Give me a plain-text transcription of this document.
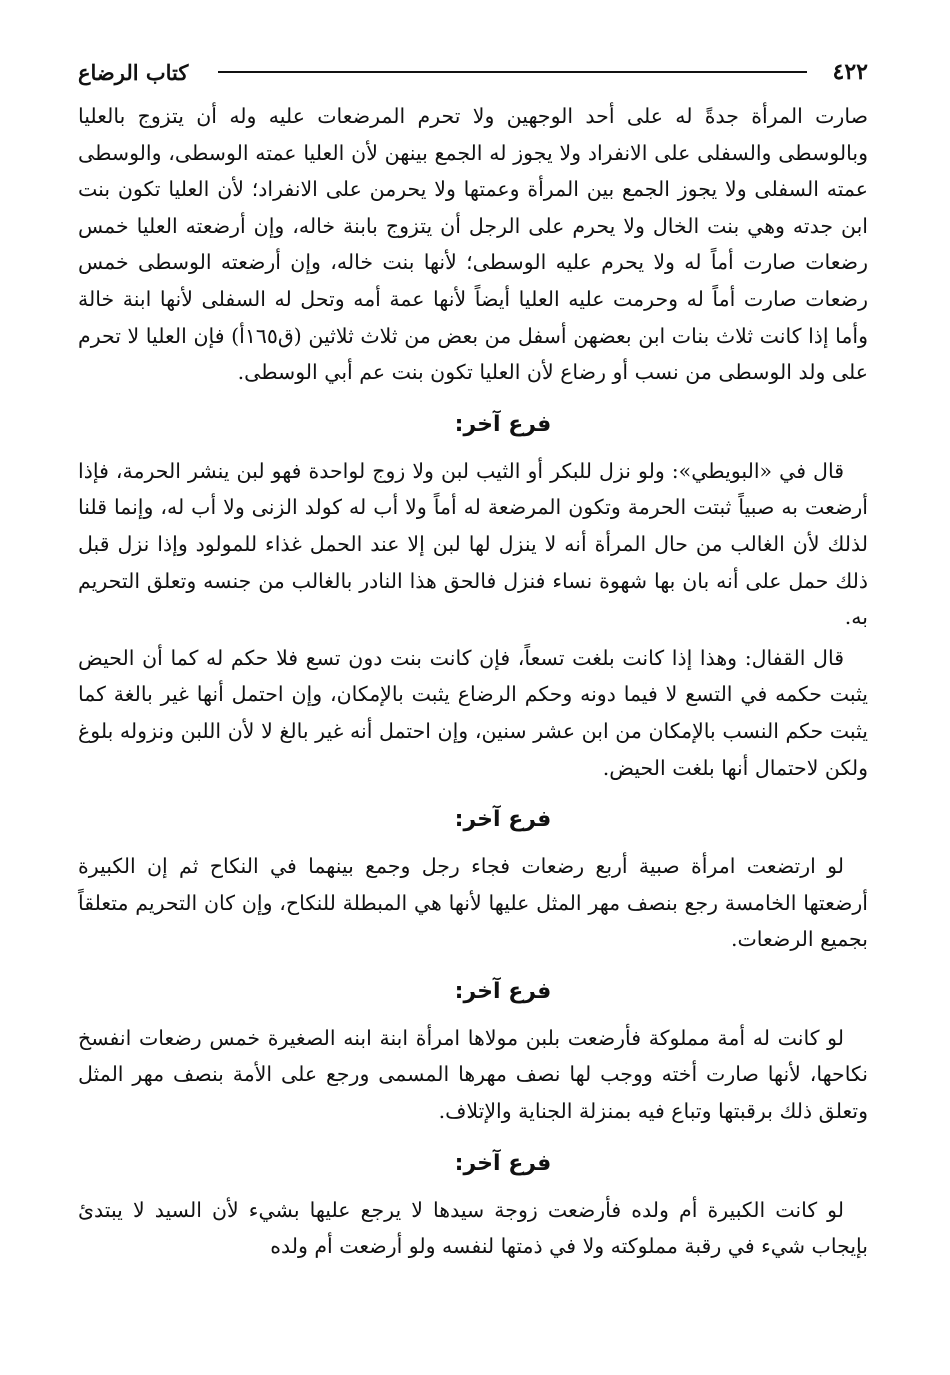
٤٢٢
كتاب الرضاع

صارت المرأة جدةً له على أحد الوجهين ولا تحرم المرضعات عليه وله أن يتزوج بالعليا وبالوسطى والسفلى على الانفراد ولا يجوز له الجمع بينهن لأن العليا عمته الوسطى، والوسطى عمته السفلى ولا يجوز الجمع بين المرأة وعمتها ولا يحرمن على الانفراد؛ لأن العليا تكون بنت ابن جدته وهي بنت الخال ولا يحرم على الرجل أن يتزوج بابنة خاله، وإن أرضعته العليا خمس رضعات صارت أماً له ولا يحرم عليه الوسطى؛ لأنها بنت خاله، وإن أرضعته الوسطى خمس رضعات صارت أماً له وحرمت عليه العليا أيضاً لأنها عمة أمه وتحل له السفلى لأنها ابنة خالة وأما إذا كانت ثلاث بنات ابن بعضهن أسفل من بعض من ثلاث ثلاثين (ق١٦٥أ) فإن العليا لا تحرم على ولد الوسطى من نسب أو رضاع لأن العليا تكون بنت عم أبي الوسطى.

فرع آخر:

قال في «البويطي»: ولو نزل للبكر أو الثيب لبن ولا زوج لواحدة فهو لبن ينشر الحرمة، فإذا أرضعت به صبياً ثبتت الحرمة وتكون المرضعة له أماً ولا أب له كولد الزنى ولا أب له، وإنما قلنا لذلك لأن الغالب من حال المرأة أنه لا ينزل لها لبن إلا عند الحمل غذاء للمولود وإذا نزل قبل ذلك حمل على أنه بان بها شهوة نساء فنزل فالحق هذا النادر بالغالب من جنسه وتعلق التحريم به.

قال القفال: وهذا إذا كانت بلغت تسعاً، فإن كانت بنت دون تسع فلا حكم له كما أن الحيض يثبت حكمه في التسع لا فيما دونه وحكم الرضاع يثبت بالإمكان، وإن احتمل أنها غير بالغة كما يثبت حكم النسب بالإمكان من ابن عشر سنين، وإن احتمل أنه غير بالغ لا لأن اللبن ونزوله بلوغ ولكن لاحتمال أنها بلغت الحيض.

فرع آخر:

لو ارتضعت امرأة صبية أربع رضعات فجاء رجل وجمع بينهما في النكاح ثم إن الكبيرة أرضعتها الخامسة رجع بنصف مهر المثل عليها لأنها هي المبطلة للنكاح، وإن كان التحريم متعلقاً بجميع الرضعات.

فرع آخر:

لو كانت له أمة مملوكة فأرضعت بلبن مولاها امرأة ابنة ابنه الصغيرة خمس رضعات انفسخ نكاحها، لأنها صارت أخته ووجب لها نصف مهرها المسمى ورجع على الأمة بنصف مهر المثل وتعلق ذلك برقبتها وتباع فيه بمنزلة الجناية والإتلاف.

فرع آخر:

لو كانت الكبيرة أم ولده فأرضعت زوجة سيدها لا يرجع عليها بشيء لأن السيد لا يبتدئ بإيجاب شيء في رقبة مملوكته ولا في ذمتها لنفسه ولو أرضعت أم ولده
